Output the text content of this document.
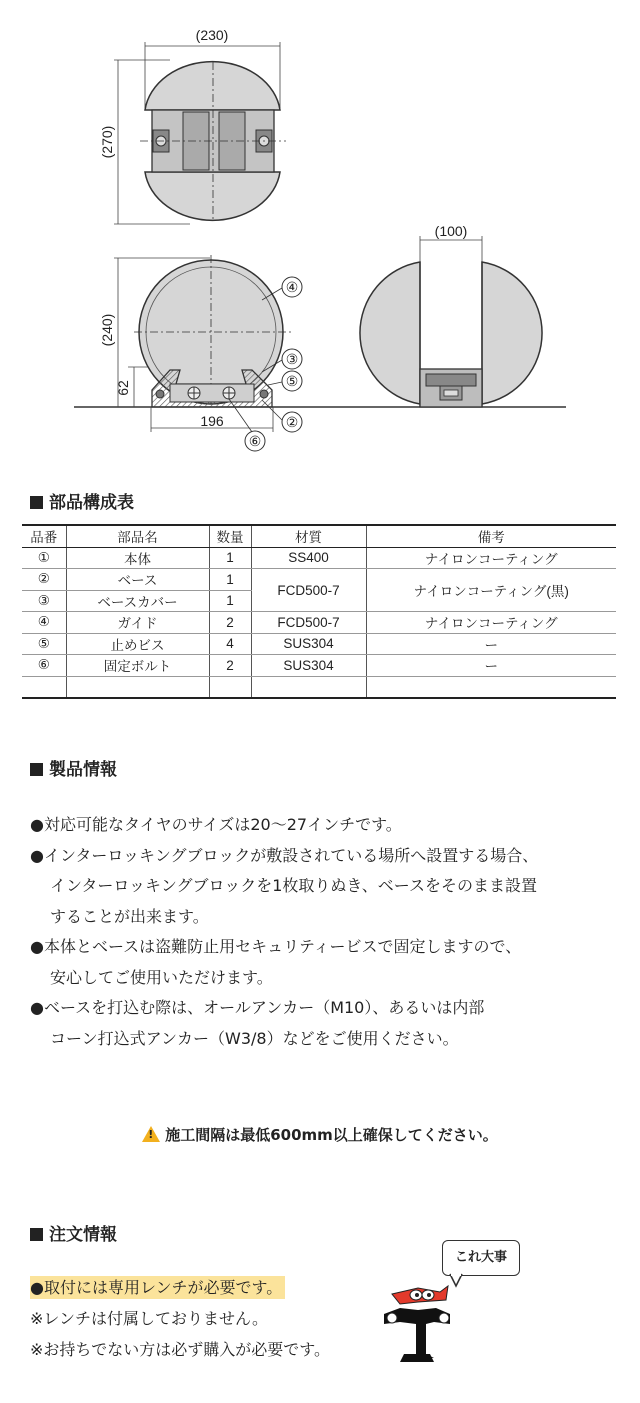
(230)
(270)
(240)
62
196
④
③
⑤
②
⑥
(100)
部品構成表
品番	部品名	数量	材質	備考
①	本体	1	SS400	ナイロンコーティング
②	ベース	1	FCD500-7	ナイロンコーティング(黒)
③	ベースカバー	1		
④	ガイド	2	FCD500-7	ナイロンコーティング
⑤	止めビス	4	SUS304	ー
⑥	固定ボルト	2	SUS304	ー

製品情報

●対応可能なタイヤのサイズは20〜27インチです。

●インターロッキングブロックが敷設されている場所へ設置する場合、

インターロッキングブロックを1枚取りぬき、ベースをそのまま設置

することが出来ます。

●本体とベースは盗難防止用セキュリティービスで固定しますので、

安心してご使用いただけます。

●ベースを打込む際は、オールアンカー（M10）、あるいは内部

コーン打込式アンカー（W3/8）などをご使用ください。

!施工間隔は最低600mm以上確保してください。
注文情報

●取付には専用レンチが必要です。

※レンチは付属しておりません。

※お持ちでない方は必ず購入が必要です。

これ大事
